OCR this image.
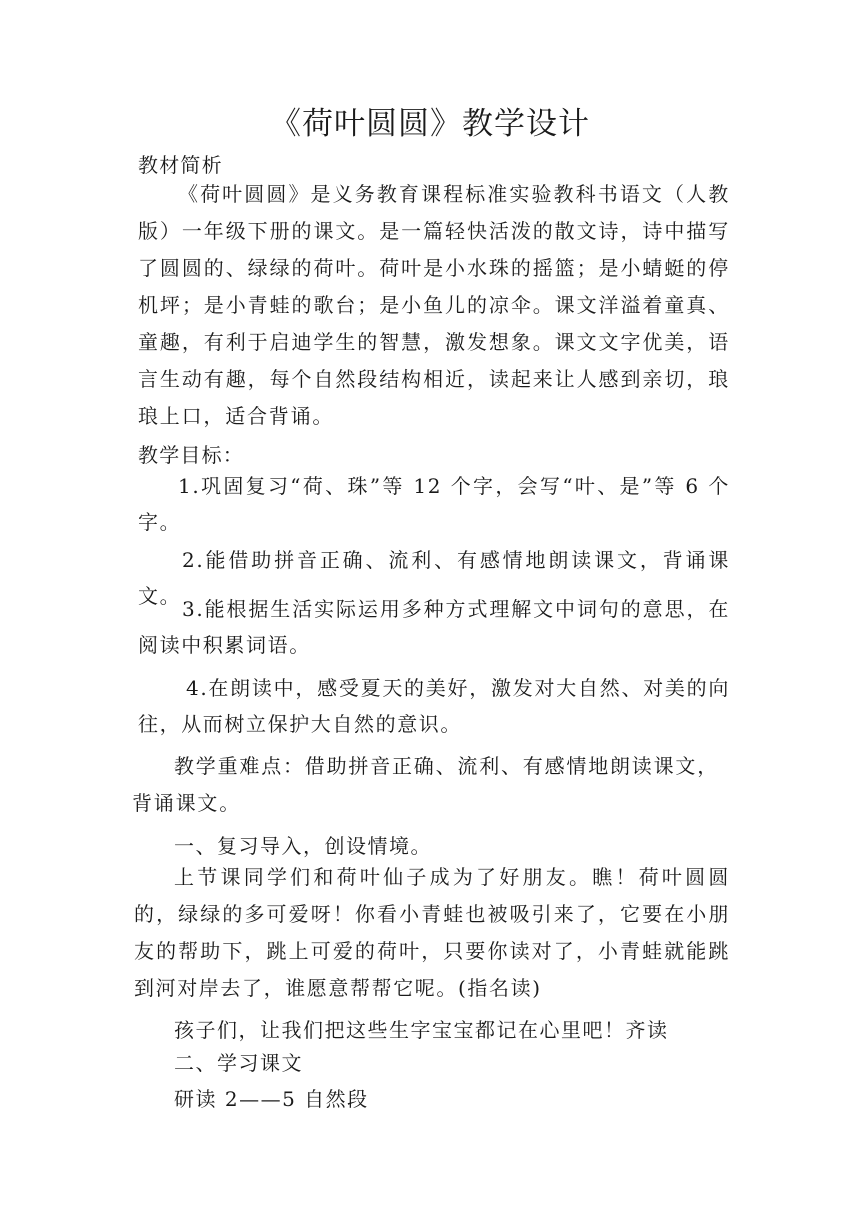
《荷叶圆圆》教学设计
教材简析
《荷叶圆圆》是义务教育课程标准实验教科书语文（人教版）一年级下册的课文。是一篇轻快活泼的散文诗，诗中描写了圆圆的、绿绿的荷叶。荷叶是小水珠的摇篮；是小蜻蜓的停机坪；是小青蛙的歌台；是小鱼儿的凉伞。课文洋溢着童真、童趣，有利于启迪学生的智慧，激发想象。课文文字优美，语言生动有趣，每个自然段结构相近，读起来让人感到亲切，琅琅上口，适合背诵。
教学目标：
1.巩固复习“荷、珠”等 12 个字，会写“叶、是”等 6 个字。
2.能借助拼音正确、流利、有感情地朗读课文，背诵课文。
3.能根据生活实际运用多种方式理解文中词句的意思，在阅读中积累词语。
4.在朗读中，感受夏天的美好，激发对大自然、对美的向往，从而树立保护大自然的意识。
教学重难点：借助拼音正确、流利、有感情地朗读课文，背诵课文。
一、复习导入，创设情境。
上节课同学们和荷叶仙子成为了好朋友。瞧！荷叶圆圆的，绿绿的多可爱呀！你看小青蛙也被吸引来了，它要在小朋友的帮助下，跳上可爱的荷叶，只要你读对了，小青蛙就能跳到河对岸去了，谁愿意帮帮它呢。(指名读)
孩子们，让我们把这些生字宝宝都记在心里吧！齐读
二、学习课文
研读 2——5 自然段
